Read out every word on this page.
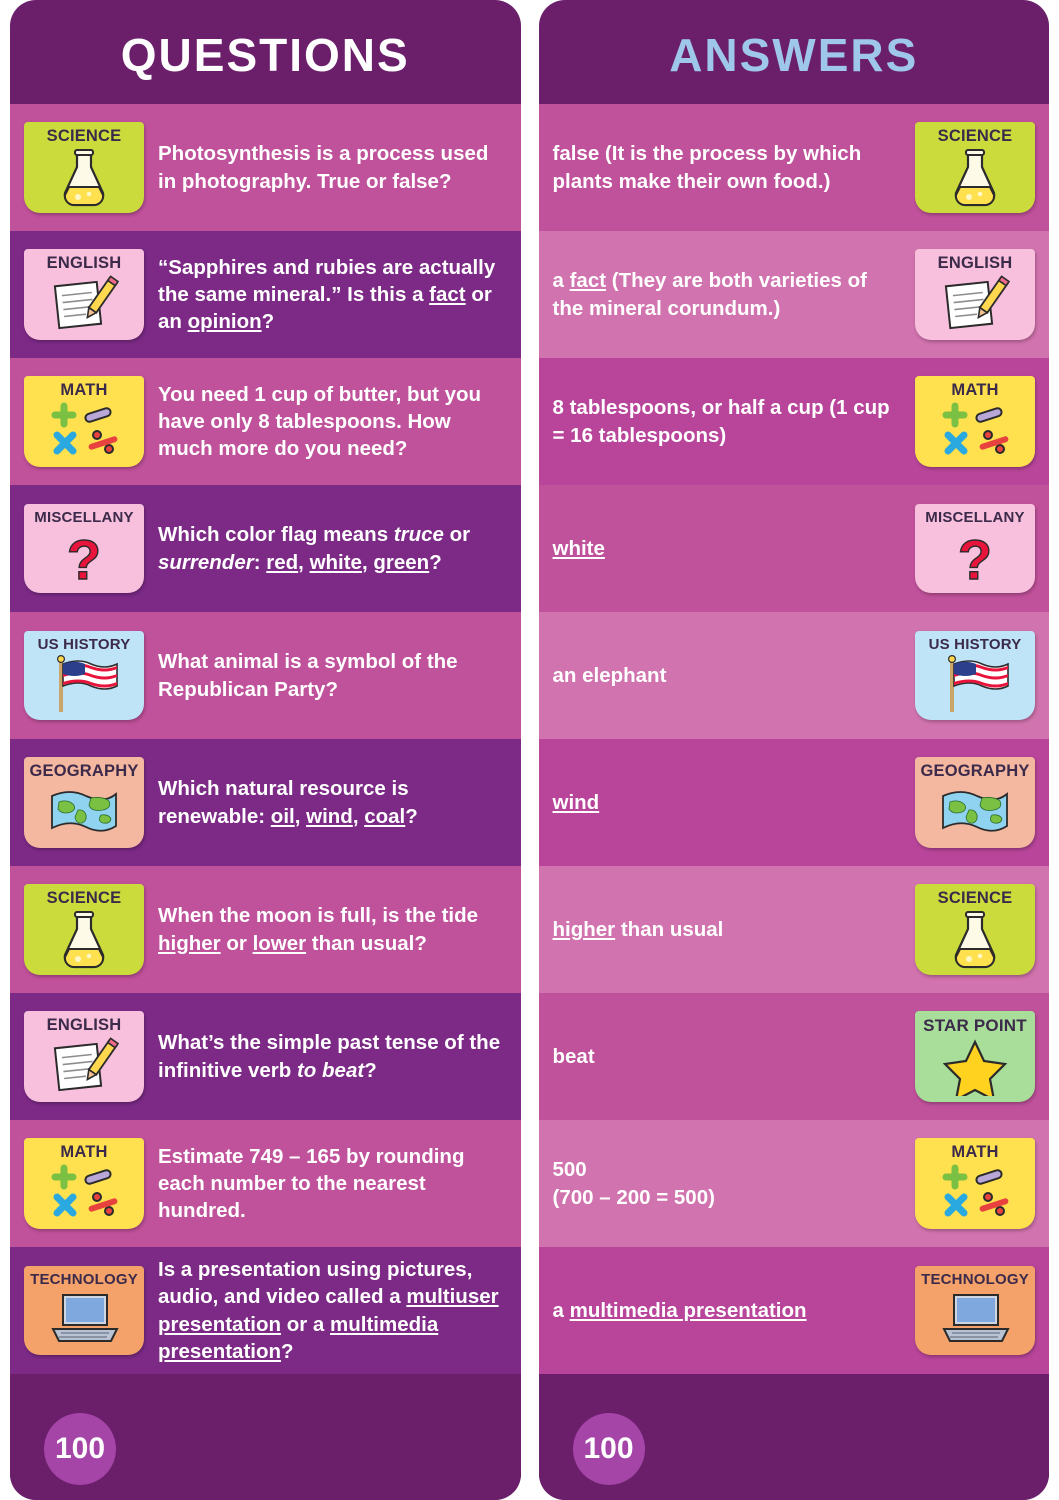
QUESTIONS
SCIENCE
Photosynthesis is a process used in photography. True or false?
ENGLISH	“Sapphires and rubies are actually the same mineral.” Is this a fact or an opinion?
MATH	You need 1 cup of butter, but you have only 8 tablespoons. How much more do you need?
MISCELLANY
?	Which color flag means truce or surrender: red, white, green?
US HISTORY
What animal is a symbol of the Republican Party?
GEOGRAPHY
Which natural resource is renewable: oil, wind, coal?
SCIENCE
When the moon is full, is the tide higher or lower than usual?
ENGLISH
What’s the simple past tense of the infinitive verb to beat?
MATH	Estimate 749 – 165 by rounding each number to the nearest hundred.
TECHNOLOGY Is a presentation using pictures, audio, and video called a multiuser presentation or a multimedia presentation?
100
ANSWERS
false (It is the process by which plants make their own food.)
SCIENCE
a fact (They are both varieties of the mineral corundum.)
ENGLISH
8 tablespoons, or half a cup (1 cup = 16 tablespoons)
MATH
white
MISCELLANY
?
an elephant
US HISTORY
wind
GEOGRAPHY
higher than usual
SCIENCE
beat
STAR POINT
500
(700 – 200 = 500)
MATH
a multimedia presentation
TECHNOLOGY
100
